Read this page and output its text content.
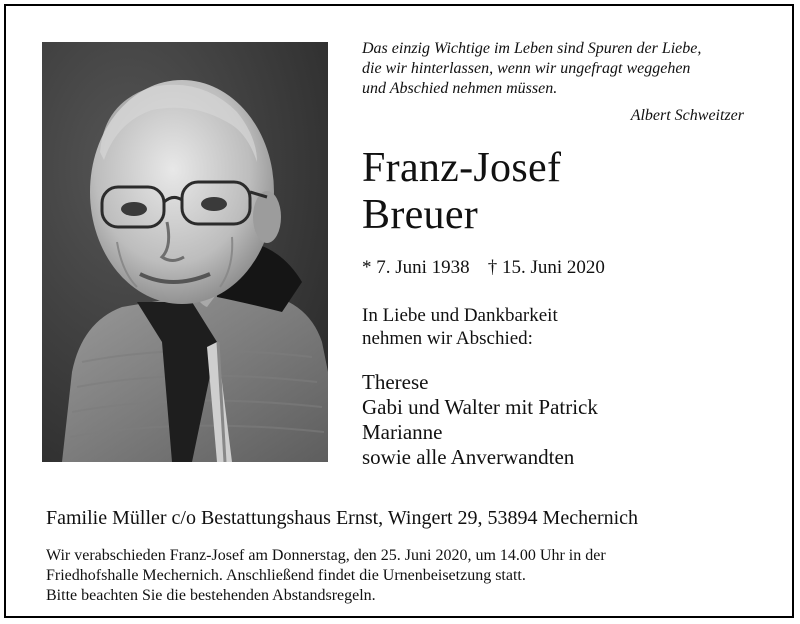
Das einzig Wichtige im Leben sind Spuren der Liebe,
die wir hinterlassen, wenn wir ungefragt weggehen
und Abschied nehmen müssen.
Albert Schweitzer
Franz-Josef
Breuer
* 7. Juni 1938 † 15. Juni 2020
In Liebe und Dankbarkeit
nehmen wir Abschied:
Therese
Gabi und Walter mit Patrick
Marianne
sowie alle Anverwandten
Familie Müller c/o Bestattungshaus Ernst, Wingert 29, 53894 Mechernich
Wir verabschieden Franz-Josef am Donnerstag, den 25. Juni 2020, um 14.00 Uhr in der
Friedhofshalle Mechernich. Anschließend findet die Urnenbeisetzung statt.
Bitte beachten Sie die bestehenden Abstandsregeln.
